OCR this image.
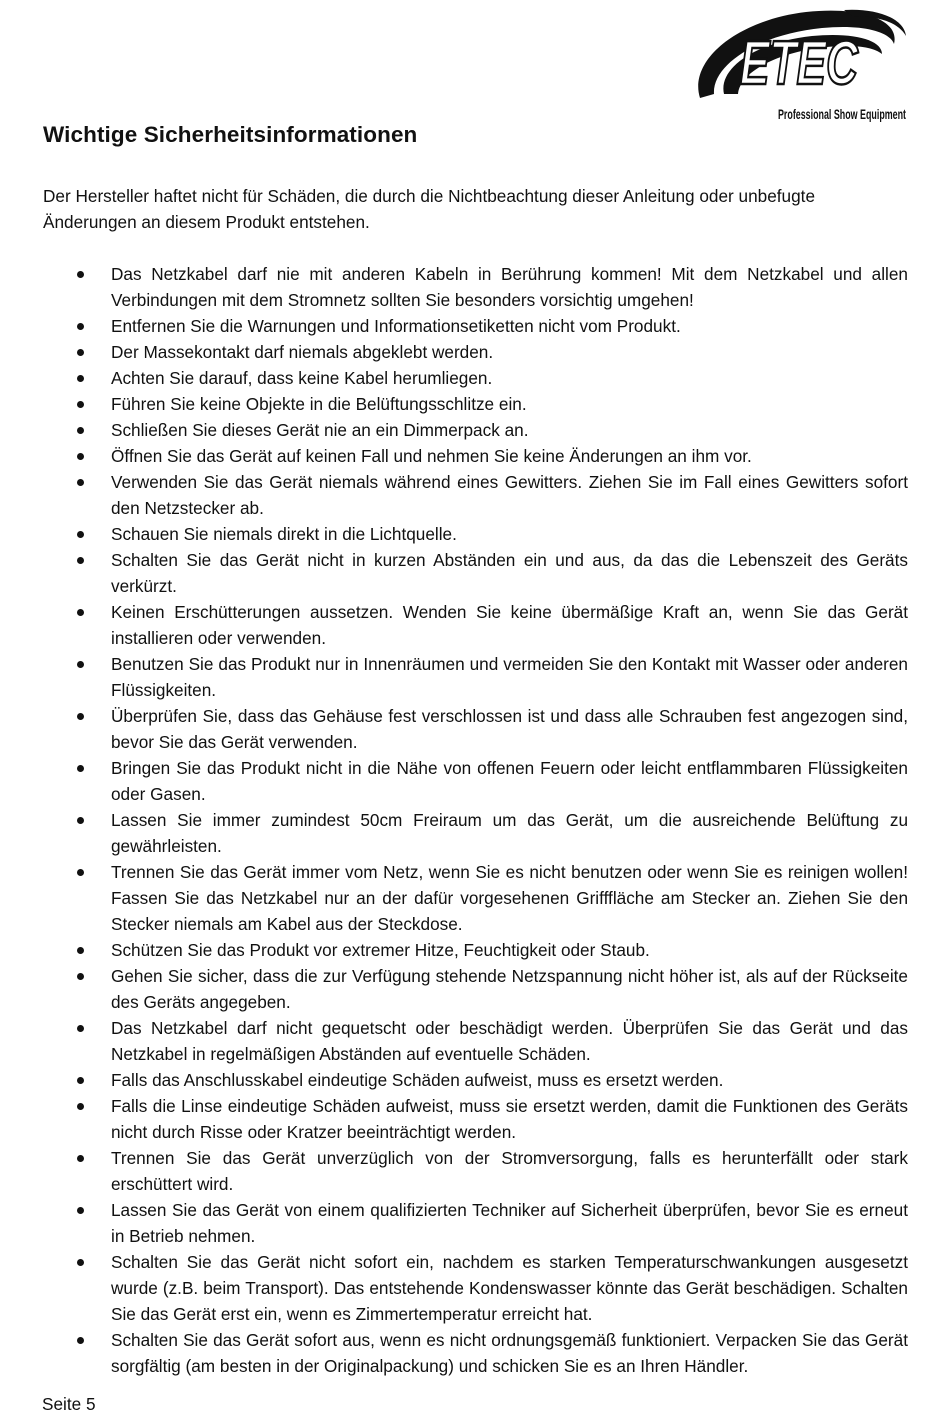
ETEC
Professional Show Equipment
Wichtige Sicherheitsinformationen

Der Hersteller haftet nicht für Schäden, die durch die Nichtbeachtung dieser Anleitung oder unbefugte Änderungen an diesem Produkt entstehen.

Das Netzkabel darf nie mit anderen Kabeln in Berührung kommen! Mit dem Netzkabel und allen Verbindungen mit dem Stromnetz sollten Sie besonders vorsichtig umgehen!
Entfernen Sie die Warnungen und Informationsetiketten nicht vom Produkt.
Der Massekontakt darf niemals abgeklebt werden.
Achten Sie darauf, dass keine Kabel herumliegen.
Führen Sie keine Objekte in die Belüftungsschlitze ein.
Schließen Sie dieses Gerät nie an ein Dimmerpack an.
Öffnen Sie das Gerät auf keinen Fall und nehmen Sie keine Änderungen an ihm vor.
Verwenden Sie das Gerät niemals während eines Gewitters. Ziehen Sie im Fall eines Gewitters sofort den Netzstecker ab.
Schauen Sie niemals direkt in die Lichtquelle.
Schalten Sie das Gerät nicht in kurzen Abständen ein und aus, da das die Lebenszeit des Geräts verkürzt.
Keinen Erschütterungen aussetzen. Wenden Sie keine übermäßige Kraft an, wenn Sie das Gerät installieren oder verwenden.
Benutzen Sie das Produkt nur in Innenräumen und vermeiden Sie den Kontakt mit Wasser oder anderen Flüssigkeiten.
Überprüfen Sie, dass das Gehäuse fest verschlossen ist und dass alle Schrauben fest angezogen sind, bevor Sie das Gerät verwenden.
Bringen Sie das Produkt nicht in die Nähe von offenen Feuern oder leicht entflammbaren Flüssigkeiten oder Gasen.
Lassen Sie immer zumindest 50cm Freiraum um das Gerät, um die ausreichende Belüftung zu gewährleisten.
Trennen Sie das Gerät immer vom Netz, wenn Sie es nicht benutzen oder wenn Sie es reinigen wollen! Fassen Sie das Netzkabel nur an der dafür vorgesehenen Grifffläche am Stecker an. Ziehen Sie den Stecker niemals am Kabel aus der Steckdose.
Schützen Sie das Produkt vor extremer Hitze, Feuchtigkeit oder Staub.
Gehen Sie sicher, dass die zur Verfügung stehende Netzspannung nicht höher ist, als auf der Rückseite des Geräts angegeben.
Das Netzkabel darf nicht gequetscht oder beschädigt werden. Überprüfen Sie das Gerät und das Netzkabel in regelmäßigen Abständen auf eventuelle Schäden.
Falls das Anschlusskabel eindeutige Schäden aufweist, muss es ersetzt werden.
Falls die Linse eindeutige Schäden aufweist, muss sie ersetzt werden, damit die Funktionen des Geräts nicht durch Risse oder Kratzer beeinträchtigt werden.
Trennen Sie das Gerät unverzüglich von der Stromversorgung, falls es herunterfällt oder stark erschüttert wird.
Lassen Sie das Gerät von einem qualifizierten Techniker auf Sicherheit überprüfen, bevor Sie es erneut in Betrieb nehmen.
Schalten Sie das Gerät nicht sofort ein, nachdem es starken Temperaturschwankungen ausgesetzt wurde (z.B. beim Transport). Das entstehende Kondenswasser könnte das Gerät beschädigen. Schalten Sie das Gerät erst ein, wenn es Zimmertemperatur erreicht hat.
Schalten Sie das Gerät sofort aus, wenn es nicht ordnungsgemäß funktioniert. Verpacken Sie das Gerät sorgfältig (am besten in der Originalpackung) und schicken Sie es an Ihren Händler.

Seite 5
